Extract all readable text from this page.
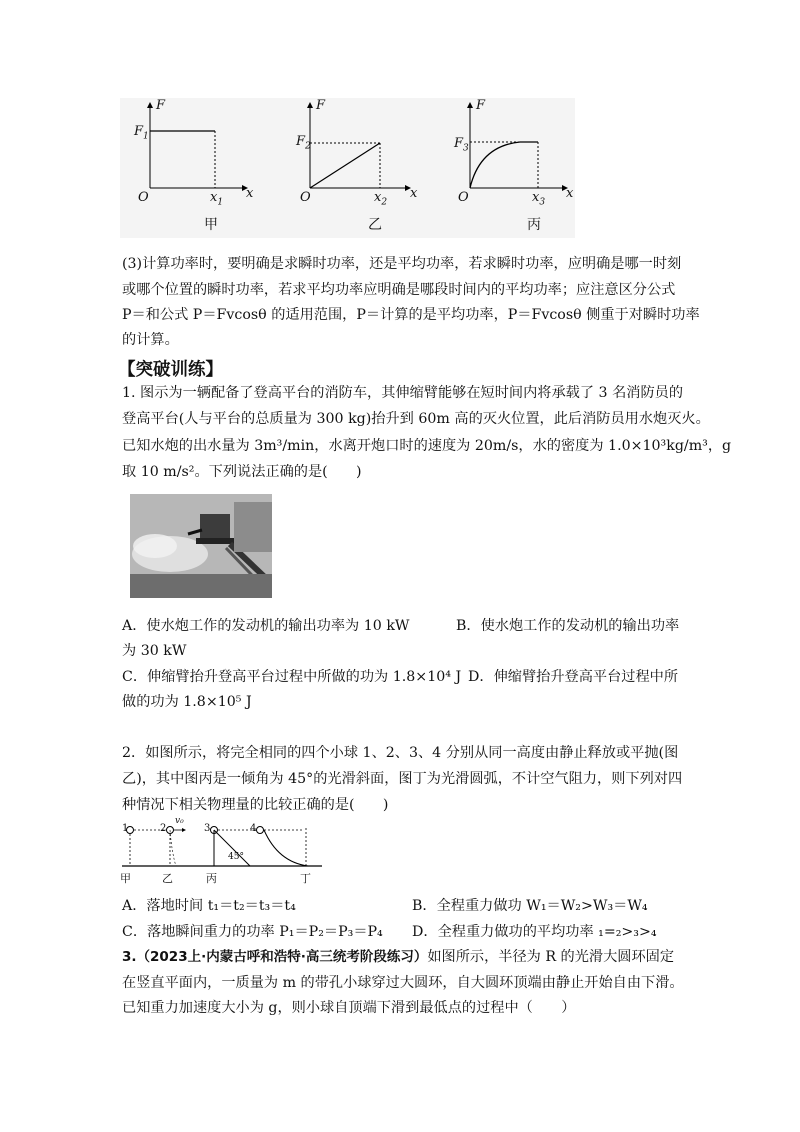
F
x
O
$F_1$
$x_1$
F
x
O
$F_2$
$x_2$
F
x
O
$F_3$
$x_3$
甲	乙	丙
(3)计算功率时，要明确是求瞬时功率，还是平均功率，若求瞬时功率，应明确是哪一时刻
或哪个位置的瞬时功率，若求平均功率应明确是哪段时间内的平均功率；应注意区分公式
P＝和公式 P＝Fvcosθ 的适用范围，P＝计算的是平均功率，P＝Fvcosθ 侧重于对瞬时功率
的计算。
【突破训练】
1. 图示为一辆配备了登高平台的消防车，其伸缩臂能够在短时间内将承载了 3 名消防员的
登高平台(人与平台的总质量为 300 kg)抬升到 60m 高的灭火位置，此后消防员用水炮灭火。
已知水炮的出水量为 3m³/min，水离开炮口时的速度为 20m/s，水的密度为 1.0×10³kg/m³，g
取 10 m/s²。下列说法正确的是(　　)
A．使水炮工作的发动机的输出功率为 10 kW	B．使水炮工作的发动机的输出功率
为 30 kW
C．伸缩臂抬升登高平台过程中所做的功为 1.8×10⁴ J D．伸缩臂抬升登高平台过程中所
做的功为 1.8×10⁵ J
2．如图所示，将完全相同的四个小球 1、2、3、4 分别从同一高度由静止释放或平抛(图
乙)，其中图丙是一倾角为 45°的光滑斜面，图丁为光滑圆弧，不计空气阻力，则下列对四
种情况下相关物理量的比较正确的是(　　)
1	2
v₀
3	4
45°
甲	乙	丙	丁
A．落地时间 t₁＝t₂＝t₃＝t₄	B．全程重力做功 W₁＝W₂>W₃＝W₄
C．落地瞬间重力的功率 P₁＝P₂＝P₃＝P₄ D．全程重力做功的平均功率 ₁=₂>₃>₄
3.（2023上·内蒙古呼和浩特·高三统考阶段练习）如图所示，半径为 R 的光滑大圆环固定
在竖直平面内，一质量为 m 的带孔小球穿过大圆环，自大圆环顶端由静止开始自由下滑。
已知重力加速度大小为 g，则小球自顶端下滑到最低点的过程中（　　）
